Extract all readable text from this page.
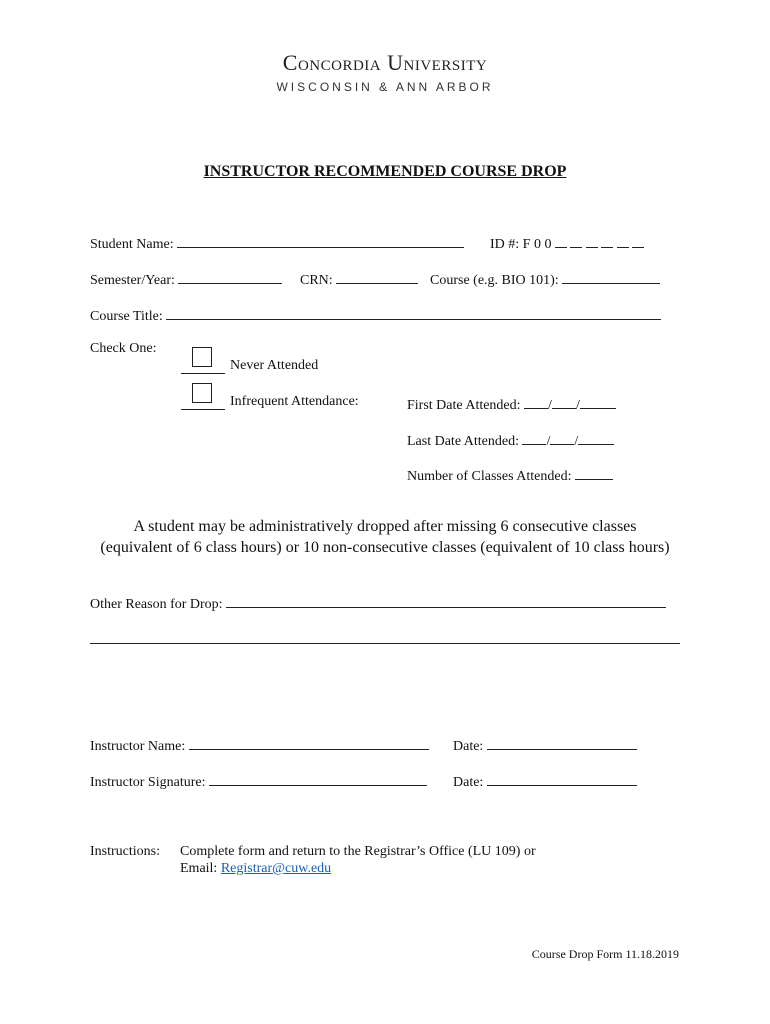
Concordia University
WISCONSIN & ANN ARBOR
INSTRUCTOR RECOMMENDED COURSE DROP
Student Name:	ID #: F 0 0
Semester/Year:	CRN:	Course (e.g. BIO 101):
Course Title:
Check One:
Never Attended
Infrequent Attendance:	First Date Attended: / /
Last Date Attended: / /
Number of Classes Attended:
A student may be administratively dropped after missing 6 consecutive classes
(equivalent of 6 class hours) or 10 non-consecutive classes (equivalent of 10 class hours)
Other Reason for Drop:
Instructor Name:	Date:
Instructor Signature:	Date:
Instructions: Complete form and return to the Registrar’s Office (LU 109) or
Email: Registrar@cuw.edu
Course Drop Form 11.18.2019
